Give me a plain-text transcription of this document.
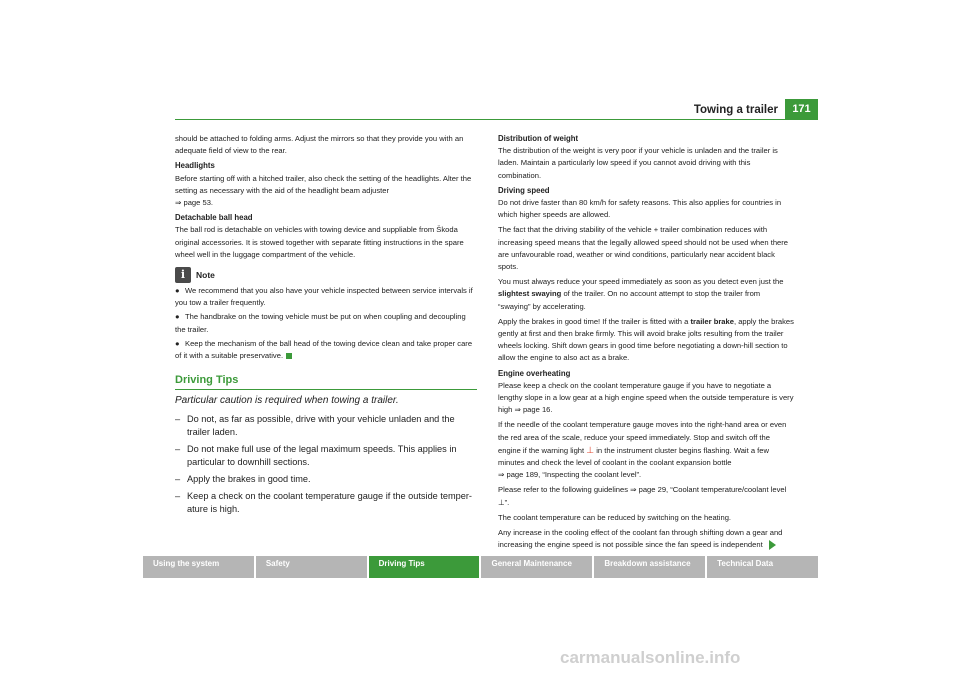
Towing a trailer	171

should be attached to folding arms. Adjust the mirrors so that they provide you with an adequate field of view to the rear.

Headlights

Before starting off with a hitched trailer, also check the setting of the headlights. Alter the setting as necessary with the aid of the headlight beam adjuster
⇒ page 53.

Detachable ball head

The ball rod is detachable on vehicles with towing device and suppliable from Škoda original accessories. It is stowed together with separate fitting instructions in the spare wheel well in the luggage compartment of the vehicle.

i	Note
● We recommend that you also have your vehicle inspected between service intervals if you tow a trailer frequently.
● The handbrake on the towing vehicle must be put on when coupling and decoupling the trailer.
● Keep the mechanism of the ball head of the towing device clean and take proper care of it with a suitable preservative.
Driving Tips
Particular caution is required when towing a trailer.
– Do not, as far as possible, drive with your vehicle unladen and the trailer laden.
– Do not make full use of the legal maximum speeds. This applies in particular to downhill sections.
– Apply the brakes in good time.
– Keep a check on the coolant temperature gauge if the outside temper-ature is high.
Distribution of weight

The distribution of the weight is very poor if your vehicle is unladen and the trailer is laden. Maintain a particularly low speed if you cannot avoid driving with this combination.

Driving speed

Do not drive faster than 80 km/h for safety reasons. This also applies for countries in which higher speeds are allowed.

The fact that the driving stability of the vehicle + trailer combination reduces with increasing speed means that the legally allowed speed should not be used when there are unfavourable road, weather or wind conditions, particularly near accident black spots.

You must always reduce your speed immediately as soon as you detect even just the slightest swaying of the trailer. On no account attempt to stop the trailer from “swaying” by accelerating.

Apply the brakes in good time! If the trailer is fitted with a trailer brake, apply the brakes gently at first and then brake firmly. This will avoid brake jolts resulting from the trailer wheels locking. Shift down gears in good time before negotiating a down-hill section to allow the engine to also act as a brake.

Engine overheating

Please keep a check on the coolant temperature gauge if you have to negotiate a lengthy slope in a low gear at a high engine speed when the outside temperature is very high ⇒ page 16.

If the needle of the coolant temperature gauge moves into the right-hand area or even the red area of the scale, reduce your speed immediately. Stop and switch off the engine if the warning light ⊥ in the instrument cluster begins flashing. Wait a few minutes and check the level of coolant in the coolant expansion bottle
⇒ page 189, “Inspecting the coolant level”.

Please refer to the following guidelines ⇒ page 29, “Coolant temperature/coolant level ⊥”.

The coolant temperature can be reduced by switching on the heating.

Any increase in the cooling effect of the coolant fan through shifting down a gear and increasing the engine speed is not possible since the fan speed is independent

Using the system	Safety	Driving Tips	General Maintenance	Breakdown assistance	Technical Data
carmanualsonline.info
